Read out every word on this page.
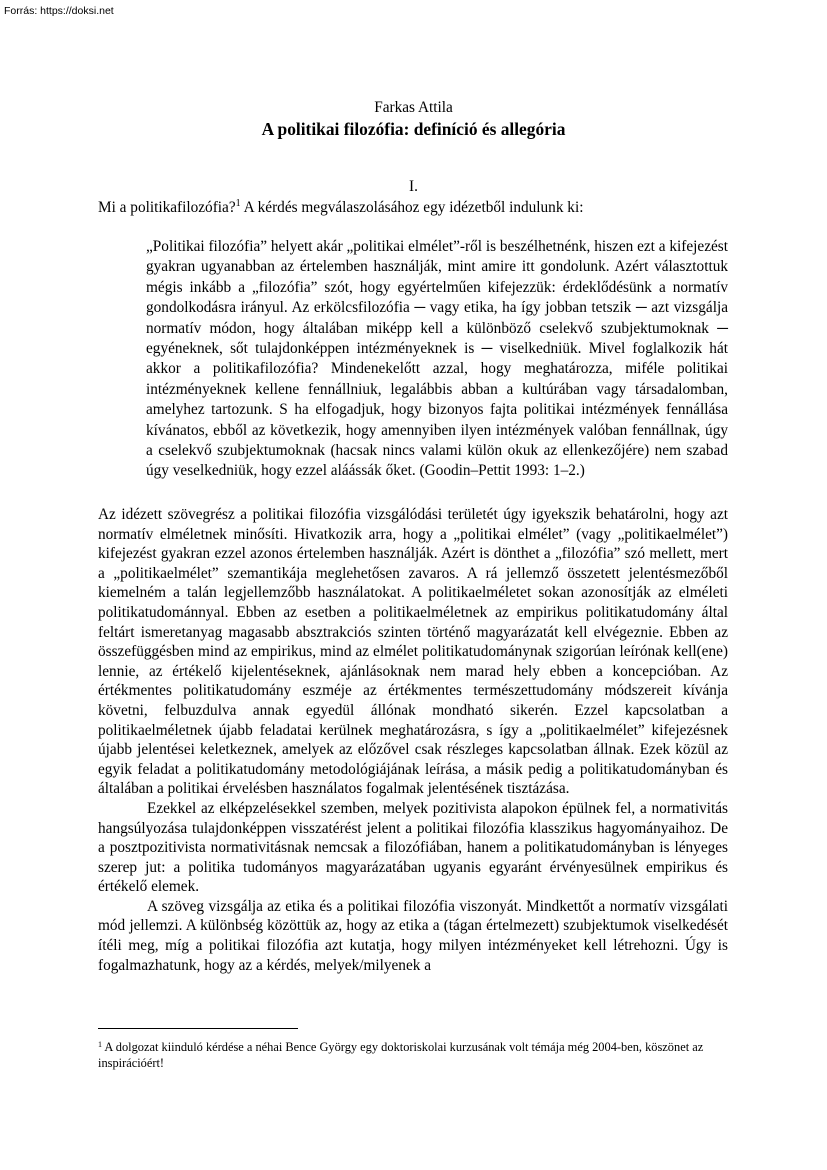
Forrás: https://doksi.net
Farkas Attila
A politikai filozófia: definíció és allegória
I.
Mi a politikafilozófia?$^1$ A kérdés megválaszolásához egy idézetből indulunk ki:
„Politikai filozófia” helyett akár „politikai elmélet”-ről is beszélhetnénk, hiszen ezt a kifejezést gyakran ugyanabban az értelemben használják, mint amire itt gondolunk. Azért választottuk mégis inkább a „filozófia” szót, hogy egyértelműen kifejezzük: érdeklődésünk a normatív gondolkodásra irányul. Az erkölcsfilozófia ─ vagy etika, ha így jobban tetszik ─ azt vizsgálja normatív módon, hogy általában miképp kell a különböző cselekvő szubjektumoknak ─ egyéneknek, sőt tulajdonképpen intézményeknek is ─ viselkedniük. Mivel foglalkozik hát akkor a politikafilozófia? Mindenekelőtt azzal, hogy meghatározza, miféle politikai intézményeknek kellene fennállniuk, legalábbis abban a kultúrában vagy társadalomban, amelyhez tartozunk. S ha elfogadjuk, hogy bizonyos fajta politikai intézmények fennállása kívánatos, ebből az következik, hogy amennyiben ilyen intézmények valóban fennállnak, úgy a cselekvő szubjektumoknak (hacsak nincs valami külön okuk az ellenkezőjére) nem szabad úgy veselkedniük, hogy ezzel aláássák őket. (Goodin–Pettit 1993: 1–2.)

Az idézett szövegrész a politikai filozófia vizsgálódási területét úgy igyekszik behatárolni, hogy azt normatív elméletnek minősíti. Hivatkozik arra, hogy a „politikai elmélet” (vagy „politikaelmélet”) kifejezést gyakran ezzel azonos értelemben használják. Azért is dönthet a „filozófia” szó mellett, mert a „politikaelmélet” szemantikája meglehetősen zavaros. A rá jellemző összetett jelentésmezőből kiemelném a talán legjellemzőbb használatokat. A politikaelméletet sokan azonosítják az elméleti politikatudománnyal. Ebben az esetben a politikaelméletnek az empirikus politikatudomány által feltárt ismeretanyag magasabb absztrakciós szinten történő magyarázatát kell elvégeznie. Ebben az összefüggésben mind az empirikus, mind az elmélet politikatudománynak szigorúan leírónak kell(ene) lennie, az értékelő kijelentéseknek, ajánlásoknak nem marad hely ebben a koncepcióban. Az értékmentes politikatudomány eszméje az értékmentes természettudomány módszereit kívánja követni, felbuzdulva annak egyedül állónak mondható sikerén. Ezzel kapcsolatban a politikaelméletnek újabb feladatai kerülnek meghatározásra, s így a „politikaelmélet” kifejezésnek újabb jelentései keletkeznek, amelyek az előzővel csak részleges kapcsolatban állnak. Ezek közül az egyik feladat a politikatudomány metodológiájának leírása, a másik pedig a politikatudományban és általában a politikai érvelésben használatos fogalmak jelentésének tisztázása.

Ezekkel az elképzelésekkel szemben, melyek pozitivista alapokon épülnek fel, a normativitás hangsúlyozása tulajdonképpen visszatérést jelent a politikai filozófia klasszikus hagyományaihoz. De a posztpozitivista normativitásnak nemcsak a filozófiában, hanem a politikatudományban is lényeges szerep jut: a politika tudományos magyarázatában ugyanis egyaránt érvényesülnek empirikus és értékelő elemek.

A szöveg vizsgálja az etika és a politikai filozófia viszonyát. Mindkettőt a normatív vizsgálati mód jellemzi. A különbség közöttük az, hogy az etika a (tágan értelmezett) szubjektumok viselkedését ítéli meg, míg a politikai filozófia azt kutatja, hogy milyen intézményeket kell létrehozni. Úgy is fogalmazhatunk, hogy az a kérdés, melyek/milyenek a

$^1$ A dolgozat kiinduló kérdése a néhai Bence György egy doktoriskolai kurzusának volt témája még 2004-ben, köszönet az inspirációért!
